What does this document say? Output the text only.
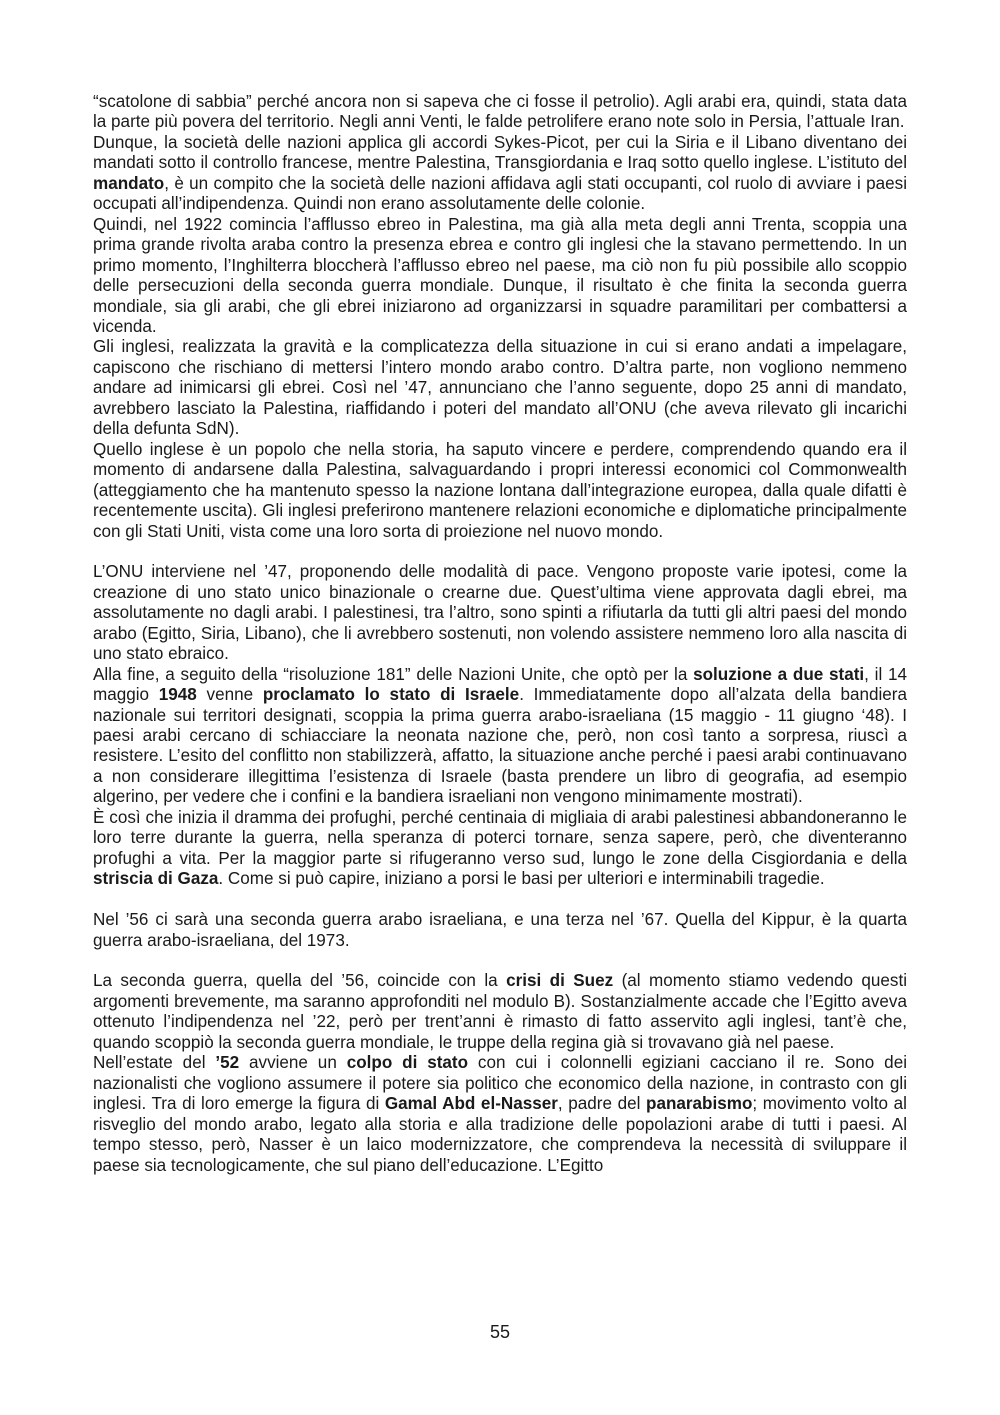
“scatolone di sabbia” perché ancora non si sapeva che ci fosse il petrolio). Agli arabi era, quindi, stata data la parte più povera del territorio. Negli anni Venti, le falde petrolifere erano note solo in Persia, l’attuale Iran.

Dunque, la società delle nazioni applica gli accordi Sykes-Picot, per cui la Siria e il Libano diventano dei mandati sotto il controllo francese, mentre Palestina, Transgiordania e Iraq sotto quello inglese. L’istituto del mandato, è un compito che la società delle nazioni affidava agli stati occupanti, col ruolo di avviare i paesi occupati all’indipendenza. Quindi non erano assolutamente delle colonie.

Quindi, nel 1922 comincia l’afflusso ebreo in Palestina, ma già alla meta degli anni Trenta, scoppia una prima grande rivolta araba contro la presenza ebrea e contro gli inglesi che la stavano permettendo. In un primo momento, l’Inghilterra bloccherà l’afflusso ebreo nel paese, ma ciò non fu più possibile allo scoppio delle persecuzioni della seconda guerra mondiale. Dunque, il risultato è che finita la seconda guerra mondiale, sia gli arabi, che gli ebrei iniziarono ad organizzarsi in squadre paramilitari per combattersi a vicenda.

Gli inglesi, realizzata la gravità e la complicatezza della situazione in cui si erano andati a impelagare, capiscono che rischiano di mettersi l’intero mondo arabo contro. D’altra parte, non vogliono nemmeno andare ad inimicarsi gli ebrei. Così nel ’47, annunciano che l’anno seguente, dopo 25 anni di mandato, avrebbero lasciato la Palestina, riaffidando i poteri del mandato all’ONU (che aveva rilevato gli incarichi della defunta SdN).

Quello inglese è un popolo che nella storia, ha saputo vincere e perdere, comprendendo quando era il momento di andarsene dalla Palestina, salvaguardando i propri interessi economici col Commonwealth (atteggiamento che ha mantenuto spesso la nazione lontana dall’integrazione europea, dalla quale difatti è recentemente uscita). Gli inglesi preferirono mantenere relazioni economiche e diplomatiche principalmente con gli Stati Uniti, vista come una loro sorta di proiezione nel nuovo mondo.

L’ONU interviene nel ’47, proponendo delle modalità di pace. Vengono proposte varie ipotesi, come la creazione di uno stato unico binazionale o crearne due. Quest’ultima viene approvata dagli ebrei, ma assolutamente no dagli arabi. I palestinesi, tra l’altro, sono spinti a rifiutarla da tutti gli altri paesi del mondo arabo (Egitto, Siria, Libano), che li avrebbero sostenuti, non volendo assistere nemmeno loro alla nascita di uno stato ebraico.

Alla fine, a seguito della “risoluzione 181” delle Nazioni Unite, che optò per la soluzione a due stati, il 14 maggio 1948 venne proclamato lo stato di Israele. Immediatamente dopo all’alzata della bandiera nazionale sui territori designati, scoppia la prima guerra arabo-israeliana (15 maggio - 11 giugno ‘48). I paesi arabi cercano di schiacciare la neonata nazione che, però, non così tanto a sorpresa, riuscì a resistere. L’esito del conflitto non stabilizzerà, affatto, la situazione anche perché i paesi arabi continuavano a non considerare illegittima l’esistenza di Israele (basta prendere un libro di geografia, ad esempio algerino, per vedere che i confini e la bandiera israeliani non vengono minimamente mostrati).

È così che inizia il dramma dei profughi, perché centinaia di migliaia di arabi palestinesi abbandoneranno le loro terre durante la guerra, nella speranza di poterci tornare, senza sapere, però, che diventeranno profughi a vita. Per la maggior parte si rifugeranno verso sud, lungo le zone della Cisgiordania e della striscia di Gaza. Come si può capire, iniziano a porsi le basi per ulteriori e interminabili tragedie.

Nel ’56 ci sarà una seconda guerra arabo israeliana, e una terza nel ’67. Quella del Kippur, è la quarta guerra arabo-israeliana, del 1973.

La seconda guerra, quella del ’56, coincide con la crisi di Suez (al momento stiamo vedendo questi argomenti brevemente, ma saranno approfonditi nel modulo B). Sostanzialmente accade che l’Egitto aveva ottenuto l’indipendenza nel ’22, però per trent’anni è rimasto di fatto asservito agli inglesi, tant’è che, quando scoppiò la seconda guerra mondiale, le truppe della regina già si trovavano già nel paese.

Nell’estate del ’52 avviene un colpo di stato con cui i colonnelli egiziani cacciano il re. Sono dei nazionalisti che vogliono assumere il potere sia politico che economico della nazione, in contrasto con gli inglesi. Tra di loro emerge la figura di Gamal Abd el-Nasser, padre del panarabismo; movimento volto al risveglio del mondo arabo, legato alla storia e alla tradizione delle popolazioni arabe di tutti i paesi. Al tempo stesso, però, Nasser è un laico modernizzatore, che comprendeva la necessità di sviluppare il paese sia tecnologicamente, che sul piano dell’educazione. L’Egitto

55
